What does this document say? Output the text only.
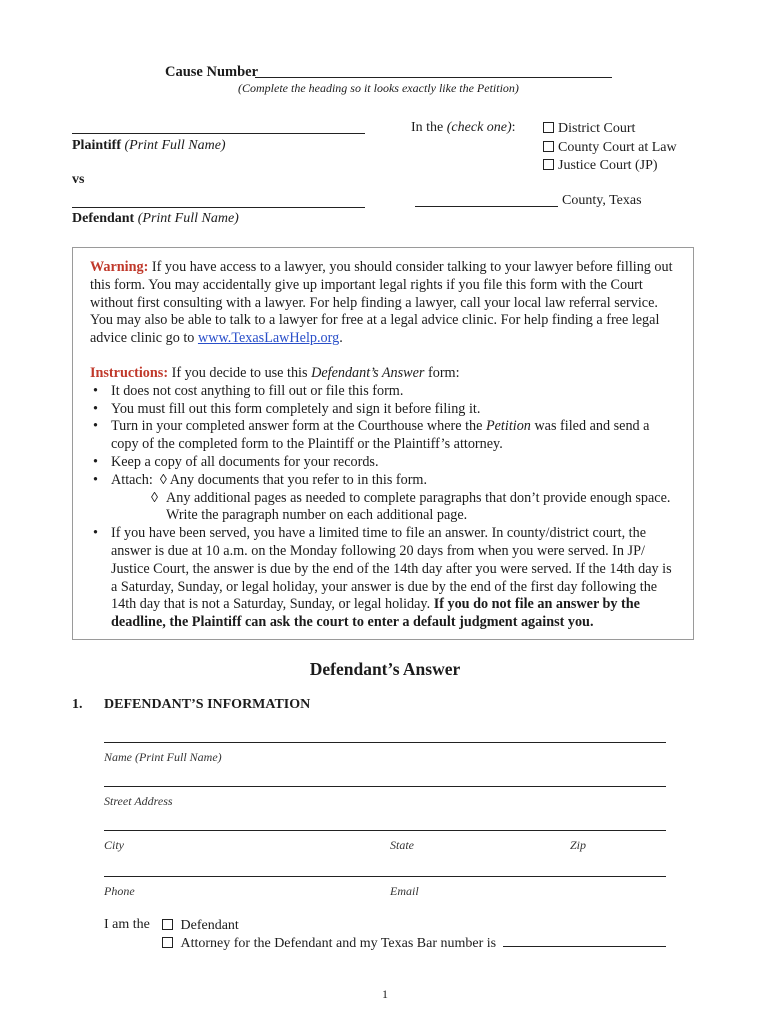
Cause Number
(Complete the heading so it looks exactly like the Petition)
Plaintiff (Print Full Name)
vs
Defendant (Print Full Name)
In the (check one):	District Court
County Court at Law
Justice Court (JP)
County, Texas

Warning: If you have access to a lawyer, you should consider talking to your lawyer before filling out this form. You may accidentally give up important legal rights if you file this form with the Court without first consulting with a lawyer. For help finding a lawyer, call your local law referral service. You may also be able to talk to a lawyer for free at a legal advice clinic. For help finding a free legal advice clinic go to www.TexasLawHelp.org.

Instructions: If you decide to use this Defendant’s Answer form:

• It does not cost anything to fill out or file this form.
• You must fill out this form completely and sign it before filing it.
• Turn in your completed answer form at the Courthouse where the Petition was filed and send a copy of the completed form to the Plaintiff or the Plaintiff’s attorney.
• Keep a copy of all documents for your records.
• Attach: ◊  Any documents that you refer to in this form.
◊ Any additional pages as needed to complete paragraphs that don’t provide enough space. Write the paragraph number on each additional page.
• If you have been served, you have a limited time to file an answer. In county/district court, the answer is due at 10 a.m. on the Monday following 20 days from when you were served. In JP/ Justice Court, the answer is due by the end of the 14th day after you were served. If the 14th day is a Saturday, Sunday, or legal holiday, your answer is due by the end of the first day following the 14th day that is not a Saturday, Sunday, or legal holiday. If you do not file an answer by the deadline, the Plaintiff can ask the court to enter a default judgment against you.
Defendant’s Answer
1. DEFENDANT’S INFORMATION
Name (Print Full Name)
Street Address
City	State	Zip
Phone	Email
I am the	Defendant
Attorney for the Defendant and my Texas Bar number is
1
